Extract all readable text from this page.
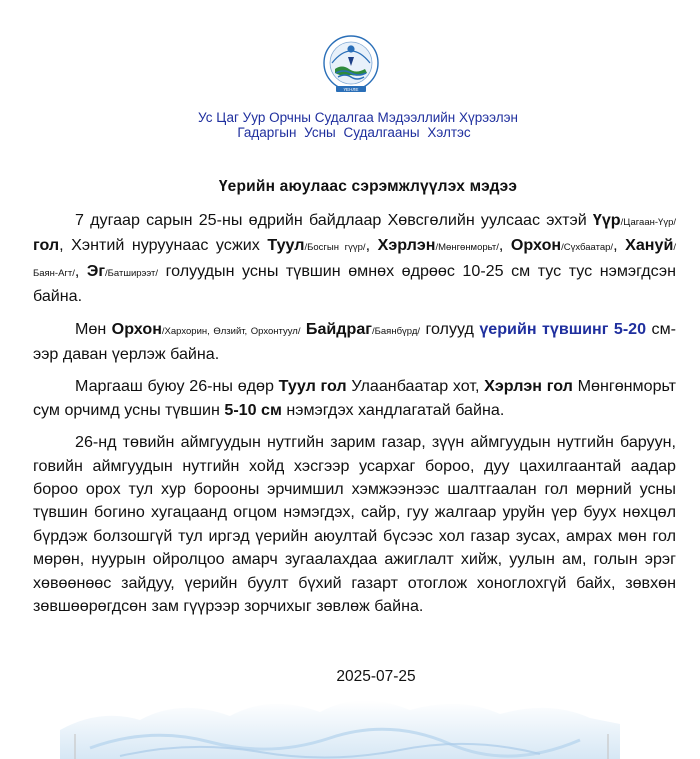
ҮЕНЛЕ
Ус Цаг Уур Орчны Судалгаа Мэдээллийн Хүрээлэн
Гадаргын Усны Судалгааны Хэлтэс
Үерийн аюулаас сэрэмжлүүлэх мэдээ

7 дугаар сарын 25-ны өдрийн байдлаар Хөвсгөлийн уулсаас эхтэй Үүр/Цагаан-Үүр/ гол, Хэнтий нуруунаас усжих Туул/Босгын гүүр/, Хэрлэн/Мөнгөнморьт/, Орхон/Сүхбаатар/, Хануй/Баян-Агт/, Эг/Батширээт/ голуудын усны түвшин өмнөх өдрөөс 10-25 см тус тус нэмэгдсэн байна.

Мөн Орхон/Хархорин, Өлзийт, Орхонтуул/ Байдраг/Баянбүрд/ голууд үерийн түвшинг 5-20 см-ээр даван үерлэж байна.

Маргааш буюу 26-ны өдөр Туул гол Улаанбаатар хот, Хэрлэн гол Мөнгөнморьт сум орчимд усны түвшин 5-10 см нэмэгдэх хандлагатай байна.

26-нд төвийн аймгуудын нутгийн зарим газар, зүүн аймгуудын нутгийн баруун, говийн аймгуудын нутгийн хойд хэсгээр усархаг бороо, дуу цахилгаантай аадар бороо орох тул хур борооны эрчимшил хэмжээнээс шалтгаалан гол мөрний усны түвшин богино хугацаанд огцом нэмэгдэх, сайр, гуу жалгаар уруйн үер буух нөхцөл бүрдэж болзошгүй тул иргэд үерийн аюултай бүсээс хол газар зусах, амрах мөн гол мөрөн, нуурын ойролцоо амарч зугаалахдаа ажиглалт хийж, уулын ам, голын эрэг хөвөөнөөс зайдуу, үерийн буулт бүхий газарт отоглож хоноглохгүй байх, зөвхөн зөвшөөрөгдсөн зам гүүрээр зорчихыг зөвлөж байна.

2025-07-25
